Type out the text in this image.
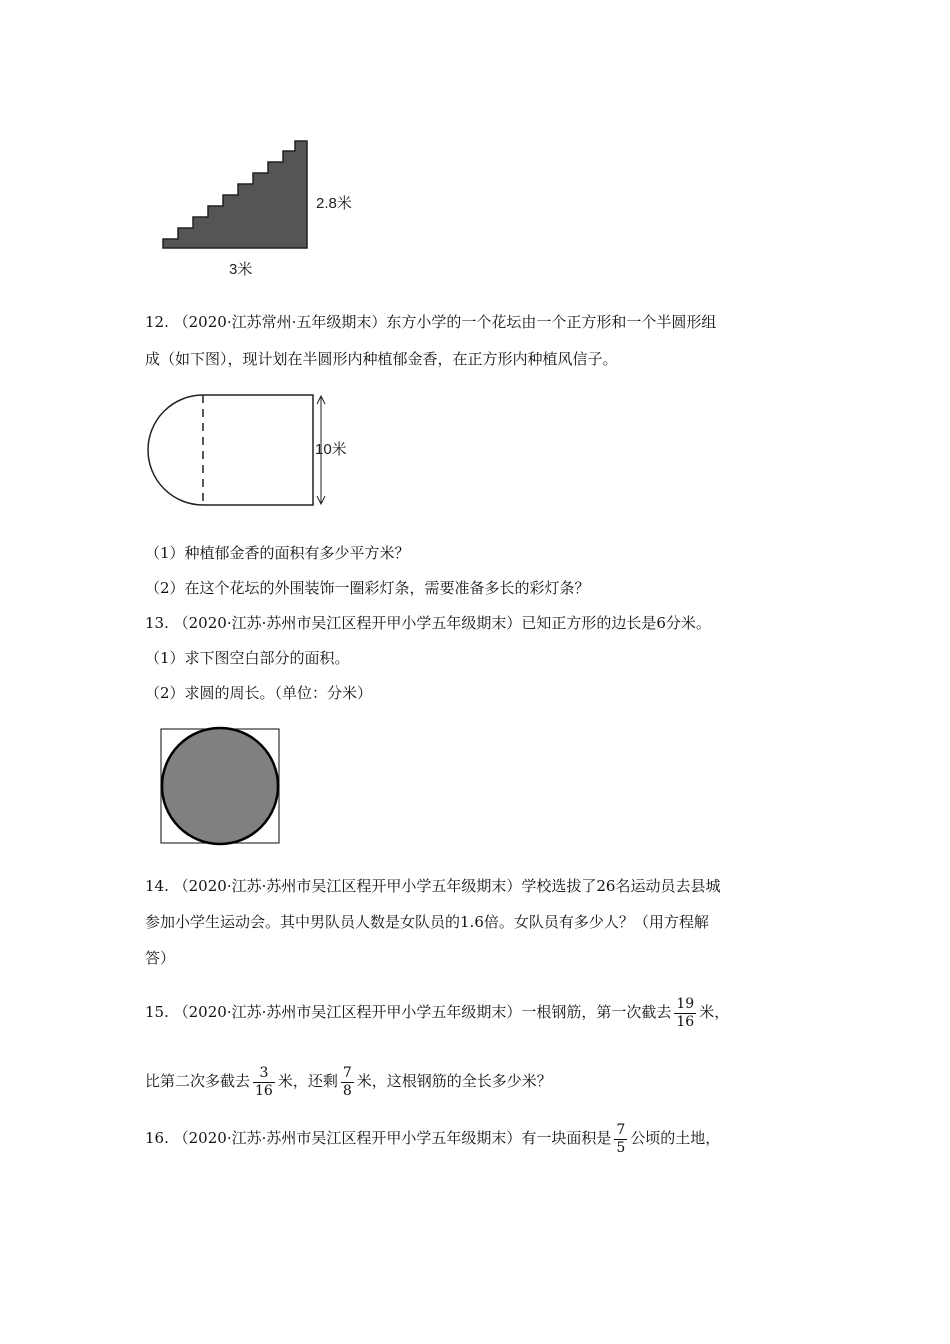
2.8米
3米
12. （2020·江苏常州·五年级期末）东方小学的一个花坛由一个正方形和一个半圆形组
成（如下图），现计划在半圆形内种植郁金香，在正方形内种植风信子。
10米
（1）种植郁金香的面积有多少平方米？
（2）在这个花坛的外围装饰一圈彩灯条，需要准备多长的彩灯条？
13. （2020·江苏·苏州市吴江区程开甲小学五年级期末）已知正方形的边长是6分米。
（1）求下图空白部分的面积。
（2）求圆的周长。（单位：分米）
14. （2020·江苏·苏州市吴江区程开甲小学五年级期末）学校选拔了26名运动员去县城
参加小学生运动会。其中男队员人数是女队员的1.6倍。女队员有多少人？（用方程解
答）
15. （2020·江苏·苏州市吴江区程开甲小学五年级期末）一根钢筋，第一次截去 $\frac{19}{16}$ 米，
比第二次多截去 $\frac{3}{16}$ 米，还剩 $\frac{7}{8}$ 米，这根钢筋的全长多少米？
16. （2020·江苏·苏州市吴江区程开甲小学五年级期末）有一块面积是 $\frac{7}{5}$ 公顷的土地，
